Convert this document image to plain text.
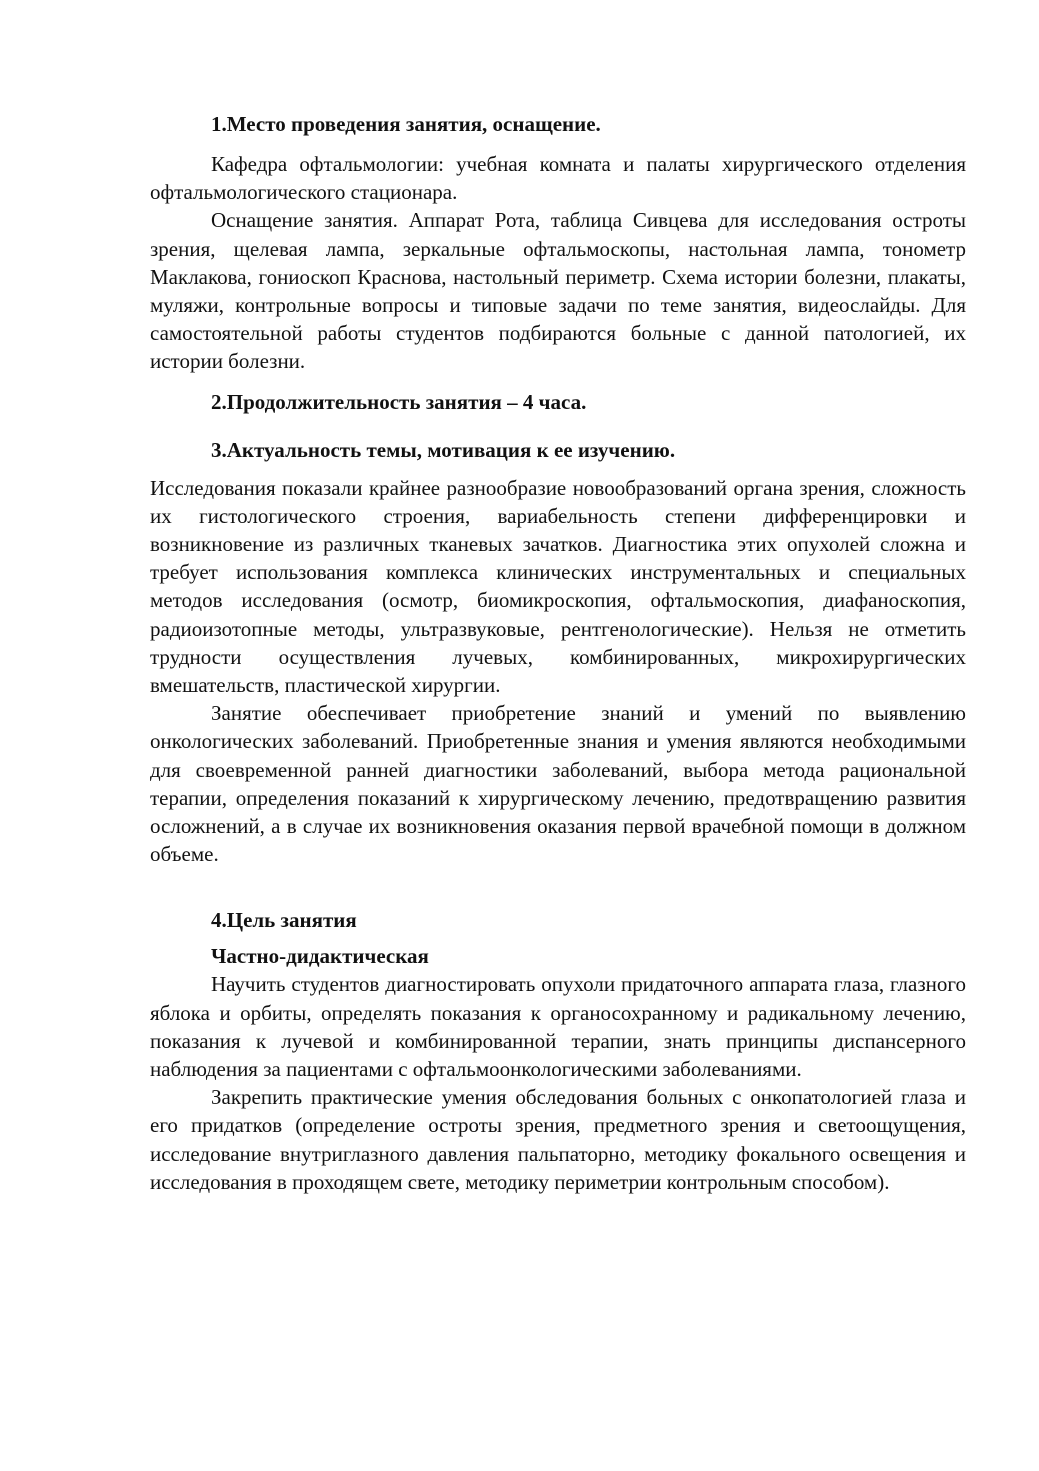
1.Место проведения занятия, оснащение.

Кафедра офтальмологии: учебная комната и палаты хирургического отделения офтальмологического стационара.

Оснащение занятия. Аппарат Рота, таблица Сивцева для исследования остроты зрения, щелевая лампа, зеркальные офтальмоскопы, настольная лампа, тонометр Маклакова, гониоскоп Краснова, настольный периметр. Схема истории болезни, плакаты, муляжи, контрольные вопросы и типовые задачи по теме занятия, видеослайды. Для самостоятельной работы студентов подбираются больные с данной патологией, их истории болезни.

2.Продолжительность занятия – 4 часа.

3.Актуальность темы, мотивация к ее изучению.

Исследования показали крайнее разнообразие новообразований органа зрения, сложность их гистологического строения, вариабельность степени дифференцировки и возникновение из различных тканевых зачатков. Диагностика этих опухолей сложна и требует использования комплекса клинических инструментальных и специальных методов исследования (осмотр, биомикроскопия, офтальмоскопия, диафаноскопия, радиоизотопные методы, ультразвуковые, рентгенологические). Нельзя не отметить трудности осуществления лучевых, комбинированных, микрохирургических вмешательств, пластической хирургии.

Занятие обеспечивает приобретение знаний и умений по выявлению онкологических заболеваний. Приобретенные знания и умения являются необходимыми для своевременной ранней диагностики заболеваний, выбора метода рациональной терапии, определения показаний к хирургическому лечению, предотвращению развития осложнений, а в случае их возникновения оказания первой врачебной помощи в должном объеме.

4.Цель занятия

Частно-дидактическая

Научить студентов диагностировать опухоли придаточного аппарата глаза, глазного яблока и орбиты, определять показания к органосохранному и радикальному лечению, показания к лучевой и комбинированной терапии, знать принципы диспансерного наблюдения за пациентами с офтальмоонкологическими заболеваниями.

Закрепить практические умения обследования больных с онкопатологией глаза и его придатков (определение остроты зрения, предметного зрения и светоощущения, исследование внутриглазного давления пальпаторно, методику фокального освещения и исследования в проходящем свете, методику периметрии контрольным способом).
